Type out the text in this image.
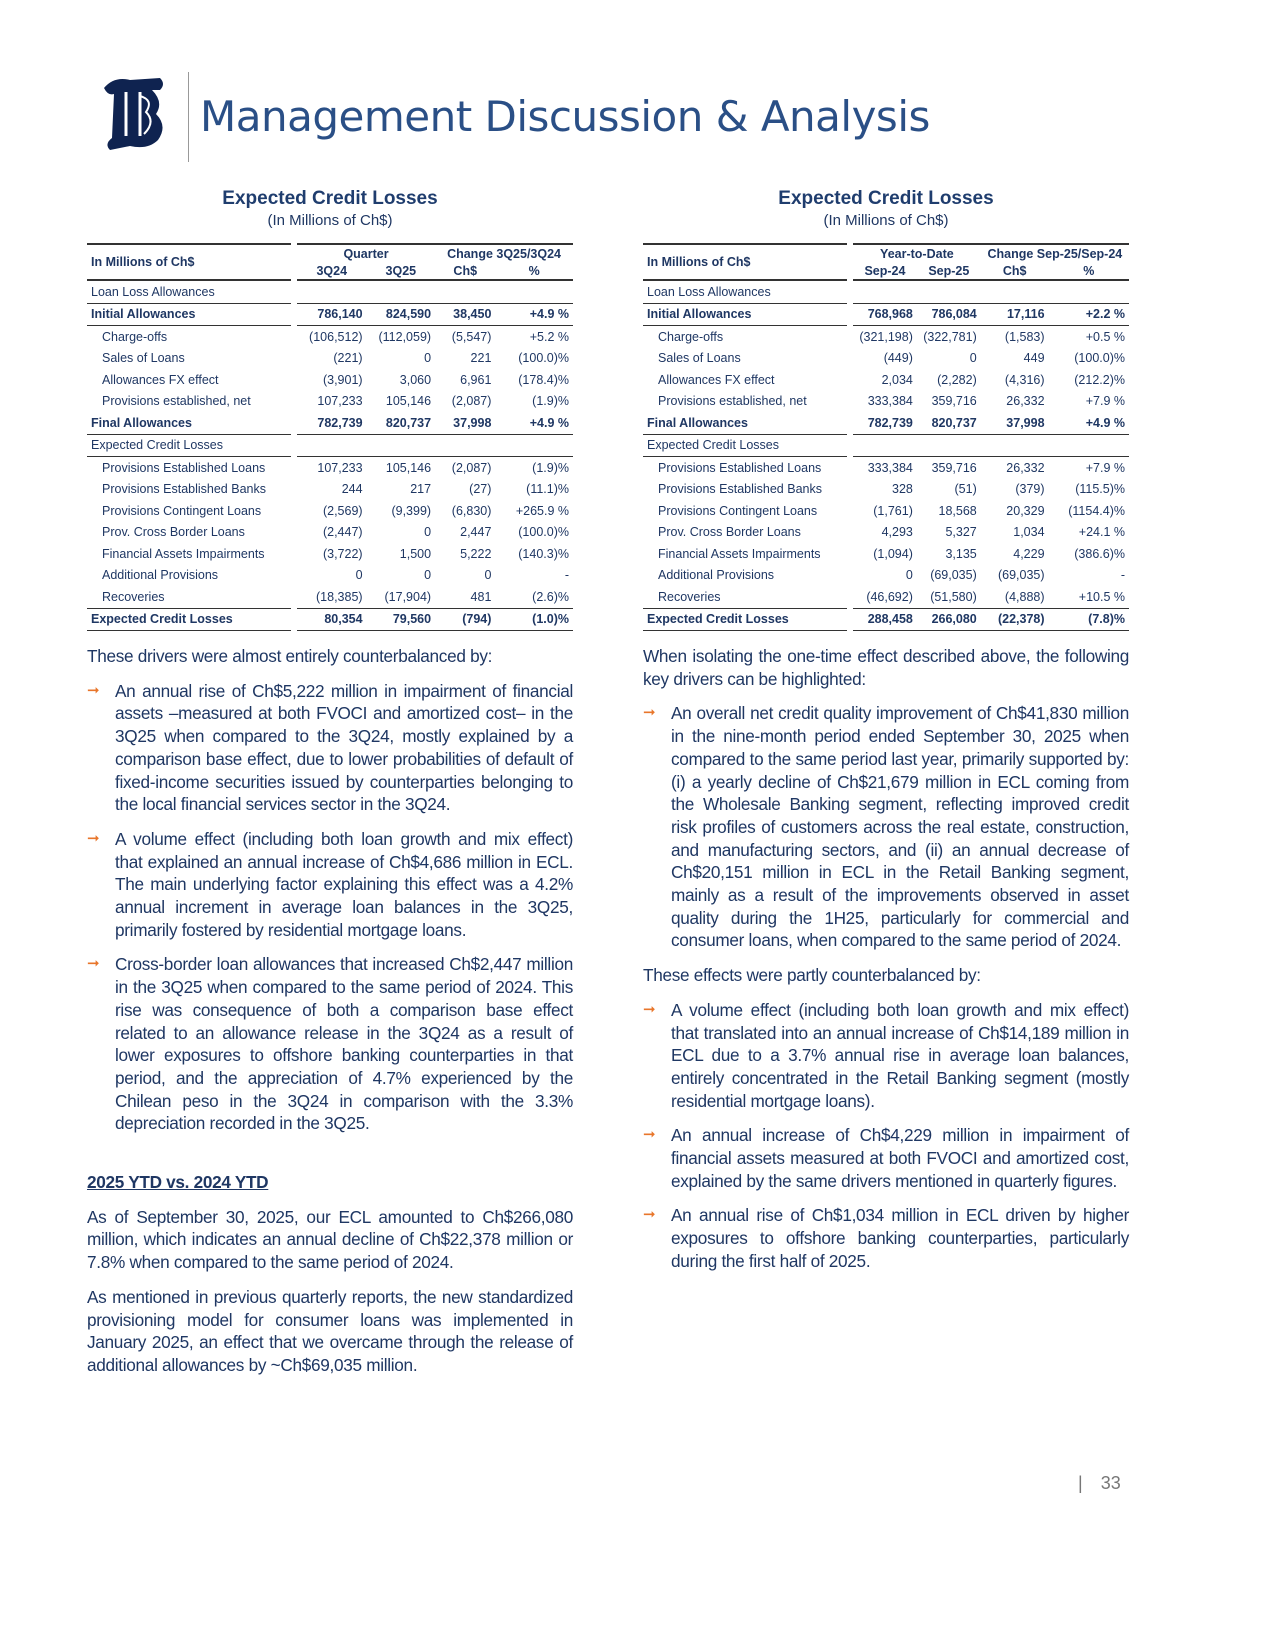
Management Discussion & Analysis
Expected Credit Losses
(In Millions of Ch$)
In Millions of Ch$		Quarter		Change 3Q25/3Q24	
		3Q24	3Q25	Ch$	%
Loan Loss Allowances					
Initial Allowances		786,140	824,590	38,450	+4.9 %
Charge-offs		(106,512)	(112,059)	(5,547)	+5.2 %
Sales of Loans		(221)	0	221	(100.0)%
Allowances FX effect		(3,901)	3,060	6,961	(178.4)%
Provisions established, net		107,233	105,146	(2,087)	(1.9)%
Final Allowances		782,739	820,737	37,998	+4.9 %
Expected Credit Losses					
Provisions Established Loans		107,233	105,146	(2,087)	(1.9)%
Provisions Established Banks		244	217	(27)	(11.1)%
Provisions Contingent Loans		(2,569)	(9,399)	(6,830)	+265.9 %
Prov. Cross Border Loans		(2,447)	0	2,447	(100.0)%
Financial Assets Impairments		(3,722)	1,500	5,222	(140.3)%
Additional Provisions		0	0	0	-
Recoveries		(18,385)	(17,904)	481	(2.6)%
Expected Credit Losses		80,354	79,560	(794)	(1.0)%

These drivers were almost entirely counterbalanced by:

➞ An annual rise of Ch$5,222 million in impairment of financial assets –measured at both FVOCI and amortized cost– in the 3Q25 when compared to the 3Q24, mostly explained by a comparison base effect, due to lower probabilities of default of fixed-income securities issued by counterparties belonging to the local financial services sector in the 3Q24.
➞ A volume effect (including both loan growth and mix effect) that explained an annual increase of Ch$4,686 million in ECL. The main underlying factor explaining this effect was a 4.2% annual increment in average loan balances in the 3Q25, primarily fostered by residential mortgage loans.
➞ Cross-border loan allowances that increased Ch$2,447 million in the 3Q25 when compared to the same period of 2024. This rise was consequence of both a comparison base effect related to an allowance release in the 3Q24 as a result of lower exposures to offshore banking counterparties in that period, and the appreciation of 4.7% experienced by the Chilean peso in the 3Q24 in comparison with the 3.3% depreciation recorded in the 3Q25.
2025 YTD vs. 2024 YTD

As of September 30, 2025, our ECL amounted to Ch$266,080 million, which indicates an annual decline of Ch$22,378 million or 7.8% when compared to the same period of 2024.

As mentioned in previous quarterly reports, the new standardized provisioning model for consumer loans was implemented in January 2025, an effect that we overcame through the release of additional allowances by ~Ch$69,035 million.

Expected Credit Losses
(In Millions of Ch$)
In Millions of Ch$		Year-to-Date		Change Sep-25/Sep-24	
		Sep-24	Sep-25	Ch$	%
Loan Loss Allowances					
Initial Allowances		768,968	786,084	17,116	+2.2 %
Charge-offs		(321,198)	(322,781)	(1,583)	+0.5 %
Sales of Loans		(449)	0	449	(100.0)%
Allowances FX effect		2,034	(2,282)	(4,316)	(212.2)%
Provisions established, net		333,384	359,716	26,332	+7.9 %
Final Allowances		782,739	820,737	37,998	+4.9 %
Expected Credit Losses					
Provisions Established Loans		333,384	359,716	26,332	+7.9 %
Provisions Established Banks		328	(51)	(379)	(115.5)%
Provisions Contingent Loans		(1,761)	18,568	20,329	(1154.4)%
Prov. Cross Border Loans		4,293	5,327	1,034	+24.1 %
Financial Assets Impairments		(1,094)	3,135	4,229	(386.6)%
Additional Provisions		0	(69,035)	(69,035)	-
Recoveries		(46,692)	(51,580)	(4,888)	+10.5 %
Expected Credit Losses		288,458	266,080	(22,378)	(7.8)%

When isolating the one-time effect described above, the following key drivers can be highlighted:

➞ An overall net credit quality improvement of Ch$41,830 million in the nine-month period ended September 30, 2025 when compared to the same period last year, primarily supported by: (i) a yearly decline of Ch$21,679 million in ECL coming from the Wholesale Banking segment, reflecting improved credit risk profiles of customers across the real estate, construction, and manufacturing sectors, and (ii) an annual decrease of Ch$20,151 million in ECL in the Retail Banking segment, mainly as a result of the improvements observed in asset quality during the 1H25, particularly for commercial and consumer loans, when compared to the same period of 2024.

These effects were partly counterbalanced by:

➞ A volume effect (including both loan growth and mix effect) that translated into an annual increase of Ch$14,189 million in ECL due to a 3.7% annual rise in average loan balances, entirely concentrated in the Retail Banking segment (mostly residential mortgage loans).
➞ An annual increase of Ch$4,229 million in impairment of financial assets measured at both FVOCI and amortized cost, explained by the same drivers mentioned in quarterly figures.
➞ An annual rise of Ch$1,034 million in ECL driven by higher exposures to offshore banking counterparties, particularly during the first half of 2025.
| 33
